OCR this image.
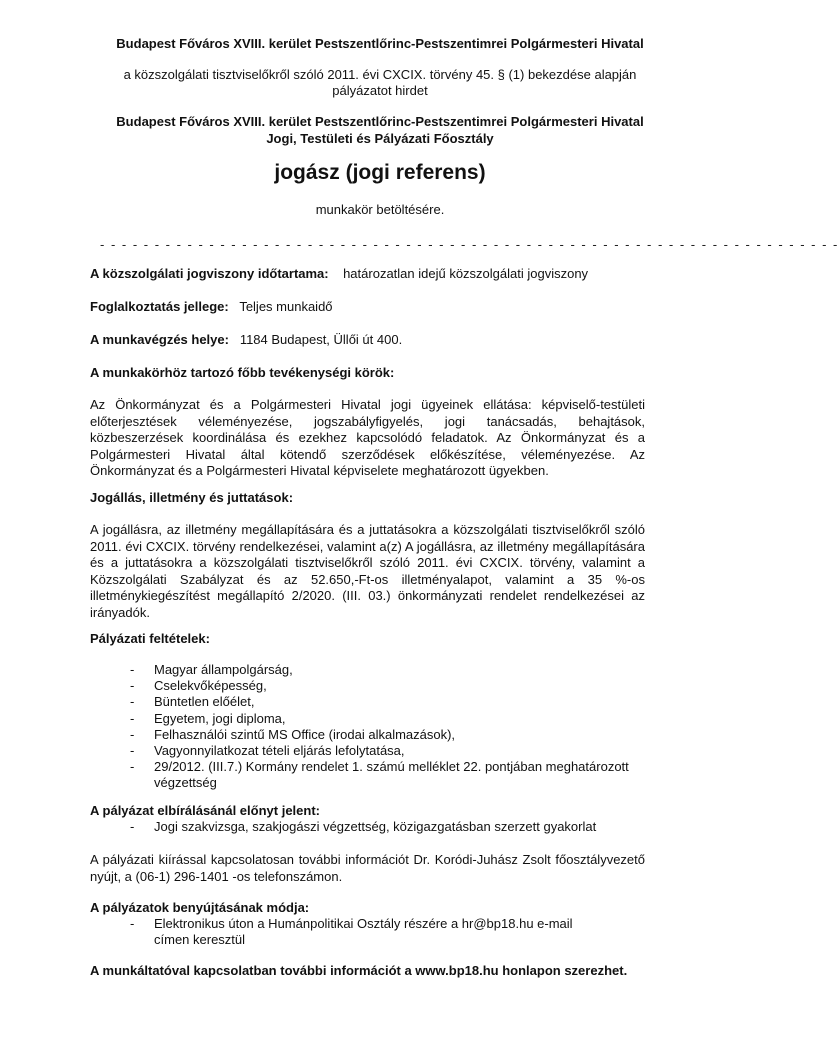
Budapest Főváros XVIII. kerület Pestszentlőrinc-Pestszentimrei Polgármesteri Hivatal
a közszolgálati tisztviselőkről szóló 2011. évi CXCIX. törvény 45. § (1) bekezdése alapján
pályázatot hirdet
Budapest Főváros XVIII. kerület Pestszentlőrinc-Pestszentimrei Polgármesteri Hivatal
Jogi, Testületi és Pályázati Főosztály
jogász (jogi referens)
munkakör betöltésére.
- - - - - - - - - - - - - - - - - - - - - - - - - - - - - - - - - - - - - - - - - - - - - - - - - - - - - - - - - - - - - - - - - - - -
A közszolgálati jogviszony időtartama: határozatlan idejű közszolgálati jogviszony
Foglalkoztatás jellege: Teljes munkaidő
A munkavégzés helye: 1184 Budapest, Üllői út 400.
A munkakörhöz tartozó főbb tevékenységi körök:
Az Önkormányzat és a Polgármesteri Hivatal jogi ügyeinek ellátása: képviselő-testületi előterjesztések véleményezése, jogszabályfigyelés, jogi tanácsadás, behajtások, közbeszerzések koordinálása és ezekhez kapcsolódó feladatok. Az Önkormányzat és a Polgármesteri Hivatal által kötendő szerződések előkészítése, véleményezése. Az Önkormányzat és a Polgármesteri Hivatal képviselete meghatározott ügyekben.
Jogállás, illetmény és juttatások:
A jogállásra, az illetmény megállapítására és a juttatásokra a közszolgálati tisztviselőkről szóló 2011. évi CXCIX. törvény rendelkezései, valamint a(z) A jogállásra, az illetmény megállapítására és a juttatásokra a közszolgálati tisztviselőkről szóló 2011. évi CXCIX. törvény, valamint a Közszolgálati Szabályzat és az 52.650,-Ft-os illetményalapot, valamint a 35 %-os illetménykiegészítést megállapító 2/2020. (III. 03.) önkormányzati rendelet rendelkezései az irányadók.
Pályázati feltételek:
- Magyar állampolgárság,
- Cselekvőképesség,
- Büntetlen előélet,
- Egyetem, jogi diploma,
- Felhasználói szintű MS Office (irodai alkalmazások),
- Vagyonnyilatkozat tételi eljárás lefolytatása,
- 29/2012. (III.7.) Kormány rendelet 1. számú melléklet 22. pontjában meghatározott végzettség
A pályázat elbírálásánál előnyt jelent:
- Jogi szakvizsga, szakjogászi végzettség, közigazgatásban szerzett gyakorlat
A pályázati kiírással kapcsolatosan további információt Dr. Koródi-Juhász Zsolt főosztályvezető nyújt, a (06-1) 296-1401 -os telefonszámon.
A pályázatok benyújtásának módja:
- Elektronikus úton a Humánpolitikai Osztály részére a hr@bp18.hu e-mail címen keresztül
A munkáltatóval kapcsolatban további információt a www.bp18.hu honlapon szerezhet.
